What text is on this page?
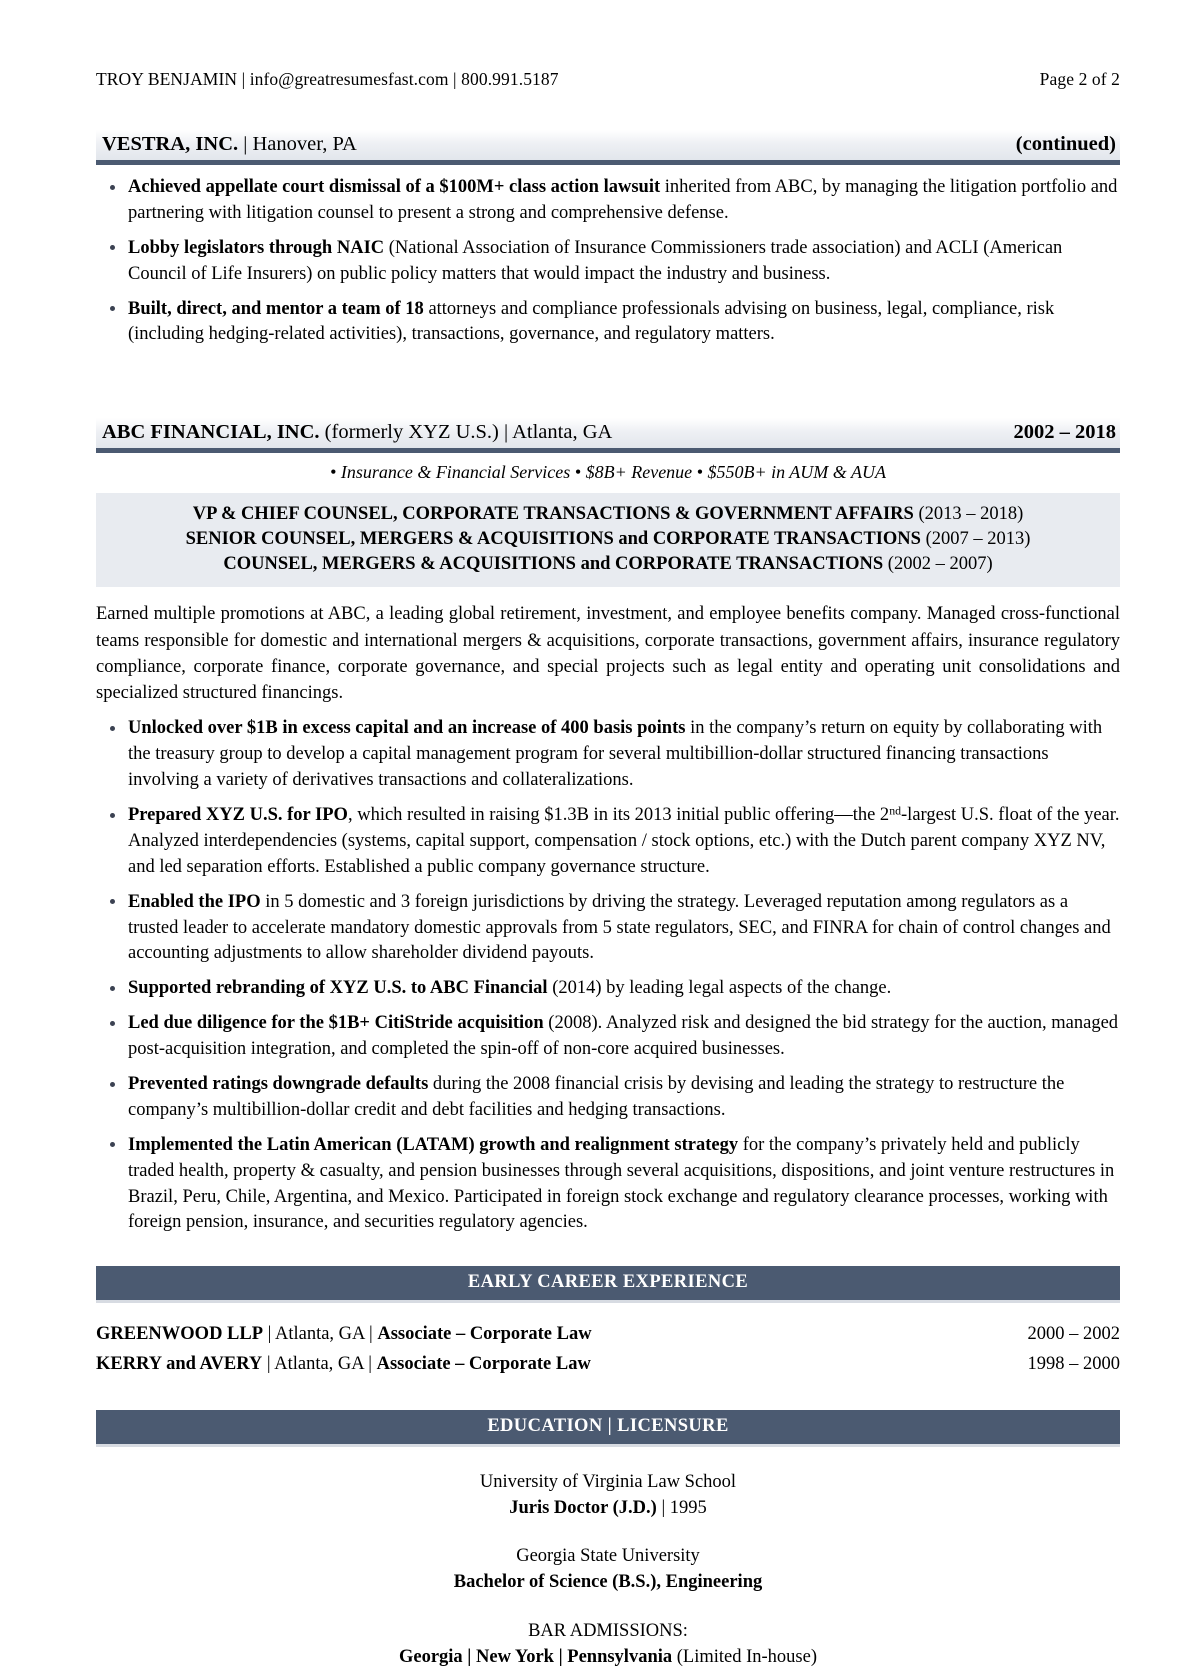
TROY BENJAMIN | info@greatresumesfast.com | 800.991.5187	Page 2 of 2
VESTRA, INC. | Hanover, PA	(continued)
Achieved appellate court dismissal of a $100M+ class action lawsuit inherited from ABC, by managing the litigation portfolio and partnering with litigation counsel to present a strong and comprehensive defense.
Lobby legislators through NAIC (National Association of Insurance Commissioners trade association) and ACLI (American Council of Life Insurers) on public policy matters that would impact the industry and business.
Built, direct, and mentor a team of 18 attorneys and compliance professionals advising on business, legal, compliance, risk (including hedging-related activities), transactions, governance, and regulatory matters.
ABC FINANCIAL, INC. (formerly XYZ U.S.) | Atlanta, GA	2002 – 2018
• Insurance & Financial Services • $8B+ Revenue • $550B+ in AUM & AUA
VP & CHIEF COUNSEL, CORPORATE TRANSACTIONS & GOVERNMENT AFFAIRS (2013 – 2018)
SENIOR COUNSEL, MERGERS & ACQUISITIONS and CORPORATE TRANSACTIONS (2007 – 2013)
COUNSEL, MERGERS & ACQUISITIONS and CORPORATE TRANSACTIONS (2002 – 2007)
Earned multiple promotions at ABC, a leading global retirement, investment, and employee benefits company. Managed cross-functional teams responsible for domestic and international mergers & acquisitions, corporate transactions, government affairs, insurance regulatory compliance, corporate finance, corporate governance, and special projects such as legal entity and operating unit consolidations and specialized structured financings.
Unlocked over $1B in excess capital and an increase of 400 basis points in the company’s return on equity by collaborating with the treasury group to develop a capital management program for several multibillion-dollar structured financing transactions involving a variety of derivatives transactions and collateralizations.
Prepared XYZ U.S. for IPO, which resulted in raising $1.3B in its 2013 initial public offering—the 2nd-largest U.S. float of the year. Analyzed interdependencies (systems, capital support, compensation / stock options, etc.) with the Dutch parent company XYZ NV, and led separation efforts. Established a public company governance structure.
Enabled the IPO in 5 domestic and 3 foreign jurisdictions by driving the strategy. Leveraged reputation among regulators as a trusted leader to accelerate mandatory domestic approvals from 5 state regulators, SEC, and FINRA for chain of control changes and accounting adjustments to allow shareholder dividend payouts.
Supported rebranding of XYZ U.S. to ABC Financial (2014) by leading legal aspects of the change.
Led due diligence for the $1B+ CitiStride acquisition (2008). Analyzed risk and designed the bid strategy for the auction, managed post-acquisition integration, and completed the spin-off of non-core acquired businesses.
Prevented ratings downgrade defaults during the 2008 financial crisis by devising and leading the strategy to restructure the company’s multibillion-dollar credit and debt facilities and hedging transactions.
Implemented the Latin American (LATAM) growth and realignment strategy for the company’s privately held and publicly traded health, property & casualty, and pension businesses through several acquisitions, dispositions, and joint venture restructures in Brazil, Peru, Chile, Argentina, and Mexico. Participated in foreign stock exchange and regulatory clearance processes, working with foreign pension, insurance, and securities regulatory agencies.
EARLY CAREER EXPERIENCE
GREENWOOD LLP | Atlanta, GA | Associate – Corporate Law	2000 – 2002
KERRY and AVERY | Atlanta, GA | Associate – Corporate Law	1998 – 2000
EDUCATION | LICENSURE
University of Virginia Law School
Juris Doctor (J.D.) | 1995
Georgia State University
Bachelor of Science (B.S.), Engineering
BAR ADMISSIONS:
Georgia | New York | Pennsylvania (Limited In-house)
